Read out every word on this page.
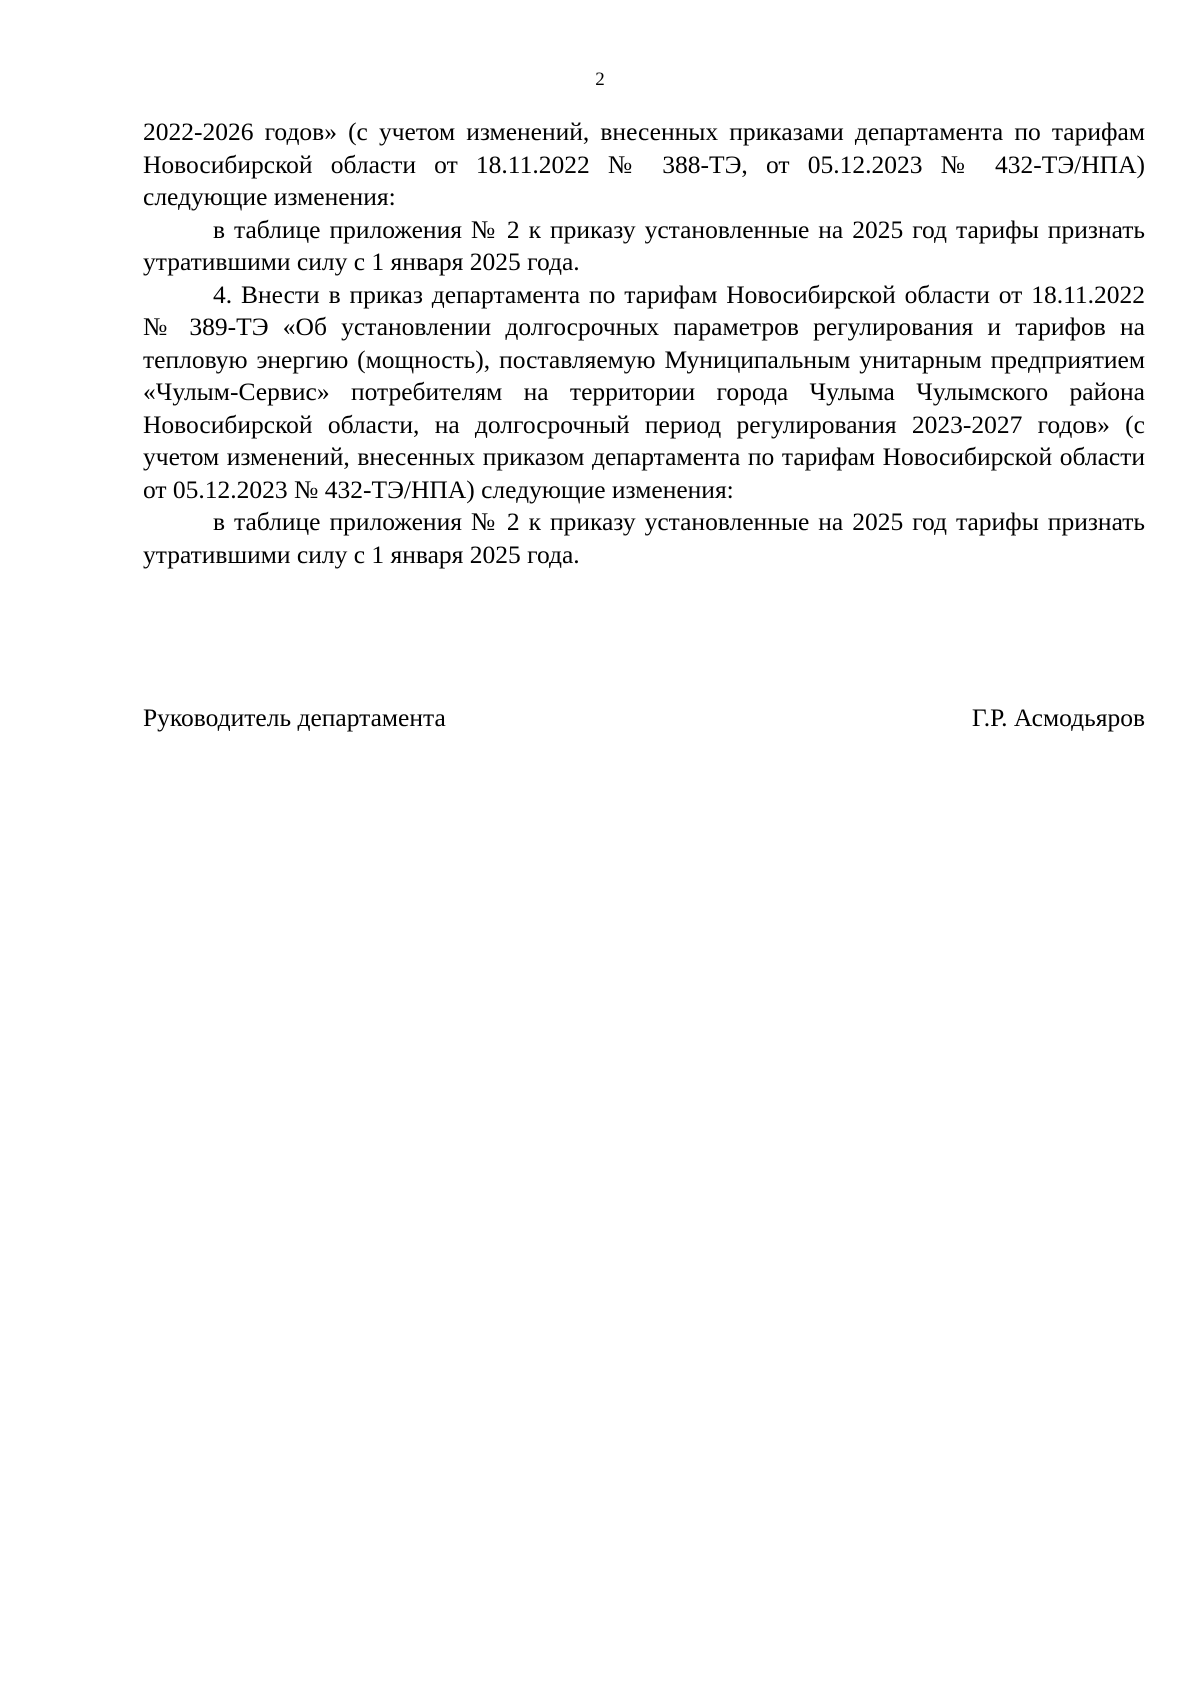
2

2022-2026 годов» (с учетом изменений, внесенных приказами департамента по тарифам Новосибирской области от 18.11.2022 № 388-ТЭ, от 05.12.2023 № 432-ТЭ/НПА) следующие изменения:

в таблице приложения № 2 к приказу установленные на 2025 год тарифы признать утратившими силу с 1 января 2025 года.

4. Внести в приказ департамента по тарифам Новосибирской области от 18.11.2022 № 389-ТЭ «Об установлении долгосрочных параметров регулирования и тарифов на тепловую энергию (мощность), поставляемую Муниципальным унитарным предприятием «Чулым-Сервис» потребителям на территории города Чулыма Чулымского района Новосибирской области, на долгосрочный период регулирования 2023-2027 годов» (с учетом изменений, внесенных приказом департамента по тарифам Новосибирской области от 05.12.2023 № 432-ТЭ/НПА) следующие изменения:

в таблице приложения № 2 к приказу установленные на 2025 год тарифы признать утратившими силу с 1 января 2025 года.

Руководитель департамента	Г.Р. Асмодьяров
